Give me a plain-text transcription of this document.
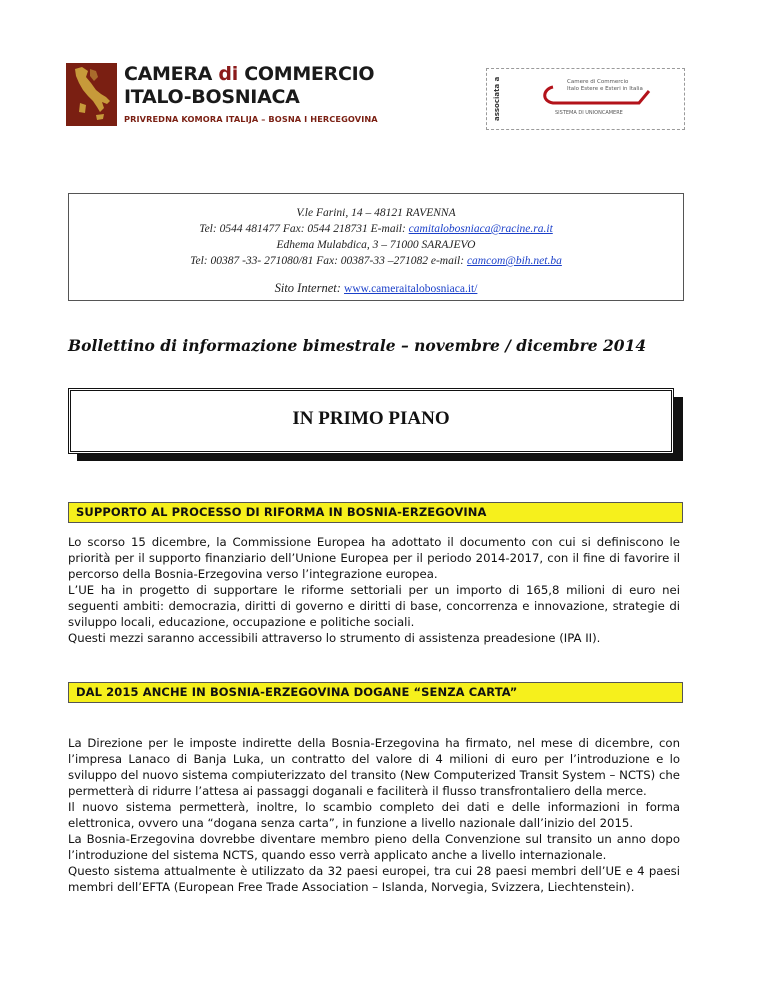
CAMERA di COMMERCIO
ITALO-BOSNIACA
PRIVREDNA KOMORA ITALIJA – BOSNA I HERCEGOVINA	associata a	Camere di Commercio
Italo Estere e Esteri in Italia
SISTEMA DI UNIONCAMERE
V.le Farini, 14 – 48121 RAVENNA
Tel: 0544 481477 Fax: 0544 218731 E-mail: camitalobosniaca@racine.ra.it
Edhema Mulabdica, 3 – 71000 SARAJEVO
Tel: 00387 -33- 271080/81 Fax: 00387-33 –271082 e-mail: camcom@bih.net.ba
Sito Internet: www.cameraitalobosniaca.it/
Bollettino di informazione bimestrale – novembre / dicembre 2014
IN PRIMO PIANO
SUPPORTO AL PROCESSO DI RIFORMA IN BOSNIA-ERZEGOVINA

Lo scorso 15 dicembre, la Commissione Europea ha adottato il documento con cui si definiscono le priorità per il supporto finanziario dell’Unione Europea per il periodo 2014-2017, con il fine di favorire il percorso della Bosnia-Erzegovina verso l’integrazione europea.
L’UE ha in progetto di supportare le riforme settoriali per un importo di 165,8 milioni di euro nei seguenti ambiti: democrazia, diritti di governo e diritti di base, concorrenza e innovazione, strategie di sviluppo locali, educazione, occupazione e politiche sociali.
Questi mezzi saranno accessibili attraverso lo strumento di assistenza preadesione (IPA II).

DAL 2015 ANCHE IN BOSNIA-ERZEGOVINA DOGANE “SENZA CARTA”

La Direzione per le imposte indirette della Bosnia-Erzegovina ha firmato, nel mese di dicembre, con l’impresa Lanaco di Banja Luka, un contratto del valore di 4 milioni di euro per l’introduzione e lo sviluppo del nuovo sistema compiuterizzato del transito (New Computerized Transit System – NCTS) che permetterà di ridurre l’attesa ai passaggi doganali e faciliterà il flusso transfrontaliero della merce.
Il nuovo sistema permetterà, inoltre, lo scambio completo dei dati e delle informazioni in forma elettronica, ovvero una “dogana senza carta”, in funzione a livello nazionale dall’inizio del 2015.
La Bosnia-Erzegovina dovrebbe diventare membro pieno della Convenzione sul transito un anno dopo l’introduzione del sistema NCTS, quando esso verrà applicato anche a livello internazionale.
Questo sistema attualmente è utilizzato da 32 paesi europei, tra cui 28 paesi membri dell’UE e 4 paesi membri dell’EFTA (European Free Trade Association – Islanda, Norvegia, Svizzera, Liechtenstein).
